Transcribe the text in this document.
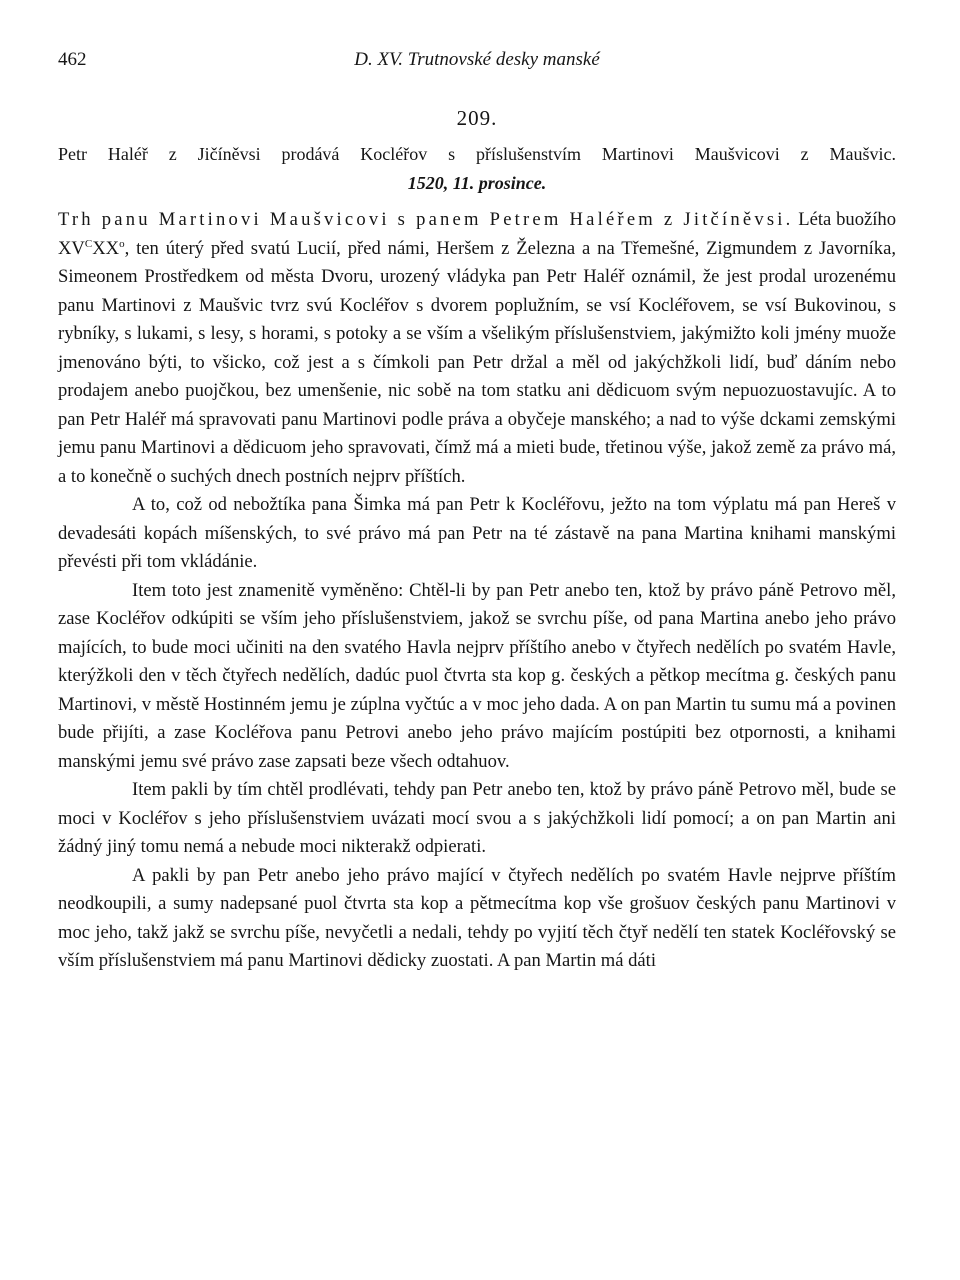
462	D. XV. Trutnovské desky manské
209.
Petr Haléř z Jičíněvsi prodává Kocléřov s příslušenstvím Martinovi Maušvicovi z Maušvic.
1520, 11. prosince.

Trh panu Martinovi Maušvicovi s panem Petrem Haléřem z Jitčíněvsi. Léta buožího $XV^CXX^o$, ten úterý před svatú Lucií, před námi, Heršem z Železna a na Třemešné, Zigmundem z Javorníka, Simeonem Prostředkem od města Dvoru, urozený vládyka pan Petr Haléř oznámil, že jest prodal urozenému panu Martinovi z Maušvic tvrz svú Kocléřov s dvorem poplužním, se vsí Kocléřovem, se vsí Bukovinou, s rybníky, s lukami, s lesy, s horami, s potoky a se vším a všelikým příslušenstviem, jakýmižto koli jmény muože jmenováno býti, to všicko, což jest a s čímkoli pan Petr držal a měl od jakýchžkoli lidí, buď dáním nebo prodajem anebo puojčkou, bez umenšenie, nic sobě na tom statku ani dědicuom svým nepuozuostavujíc. A to pan Petr Haléř má spravovati panu Martinovi podle práva a obyčeje manského; a nad to výše dckami zemskými jemu panu Martinovi a dědicuom jeho spravovati, čímž má a mieti bude, třetinou výše, jakož země za právo má, a to konečně o suchých dnech postních nejprv příštích.

A to, což od nebožtíka pana Šimka má pan Petr k Kocléřovu, ježto na tom výplatu má pan Hereš v devadesáti kopách míšenských, to své právo má pan Petr na té zástavě na pana Martina knihami manskými převésti při tom vkládánie.

Item toto jest znamenitě vyměněno: Chtěl-li by pan Petr anebo ten, ktož by právo páně Petrovo měl, zase Kocléřov odkúpiti se vším jeho příslušenstviem, jakož se svrchu píše, od pana Martina anebo jeho právo majících, to bude moci učiniti na den svatého Havla nejprv příštího anebo v čtyřech nedělích po svatém Havle, kterýžkoli den v těch čtyřech nedělích, dadúc puol čtvrta sta kop g. českých a pětkop mecítma g. českých panu Martinovi, v městě Hostinném jemu je zúplna vyčtúc a v moc jeho dada. A on pan Martin tu sumu má a povinen bude přijíti, a zase Kocléřova panu Petrovi anebo jeho právo majícím postúpiti bez otpornosti, a knihami manskými jemu své právo zase zapsati beze všech odtahuov.

Item pakli by tím chtěl prodlévati, tehdy pan Petr anebo ten, ktož by právo páně Petrovo měl, bude se moci v Kocléřov s jeho příslušenstviem uvázati mocí svou a s jakýchžkoli lidí pomocí; a on pan Martin ani žádný jiný tomu nemá a nebude moci nikterakž odpierati.

A pakli by pan Petr anebo jeho právo mající v čtyřech nedělích po svatém Havle nejprve příštím neodkoupili, a sumy nadepsané puol čtvrta sta kop a pětmecítma kop vše grošuov českých panu Martinovi v moc jeho, takž jakž se svrchu píše, nevyčetli a nedali, tehdy po vyjití těch čtyř nedělí ten statek Kocléřovský se vším příslušenstviem má panu Martinovi dědicky zuostati. A pan Martin má dáti
